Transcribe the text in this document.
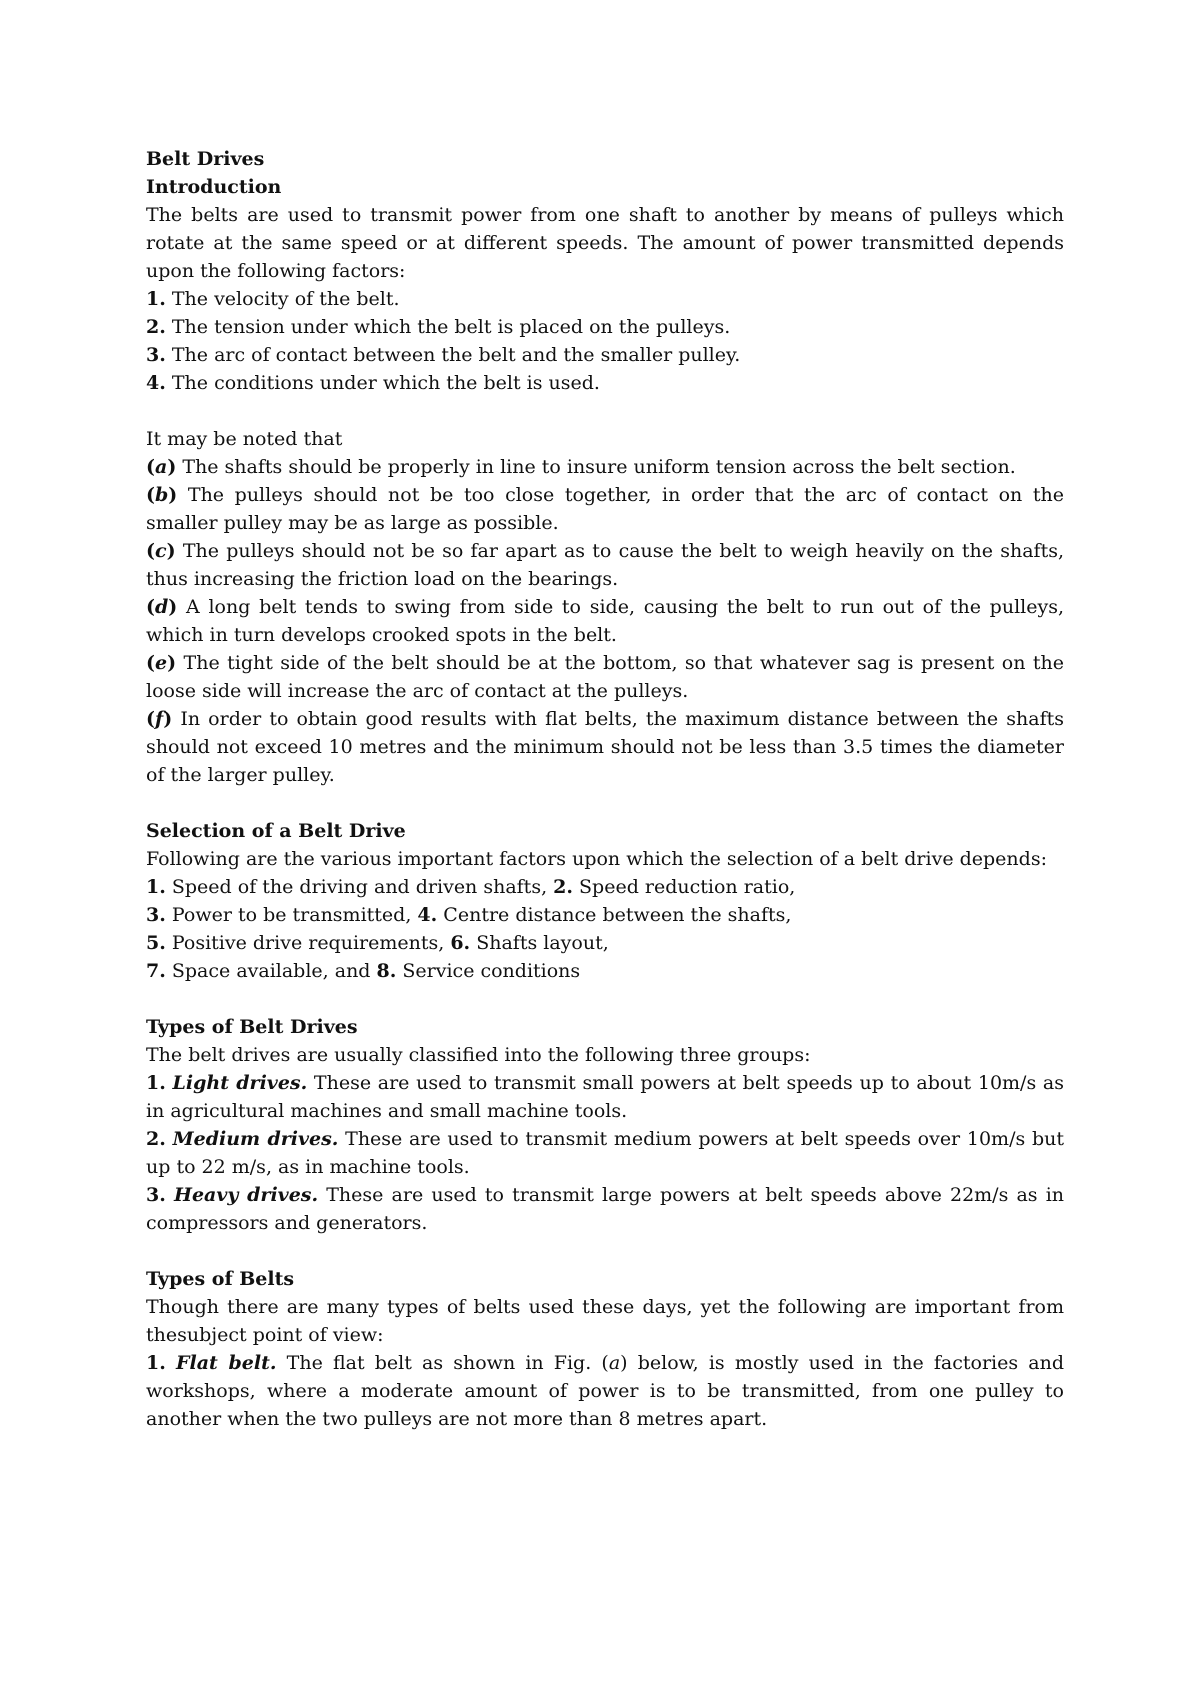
Belt Drives

Introduction

The belts are used to transmit power from one shaft to another by means of pulleys which rotate at the same speed or at different speeds. The amount of power transmitted depends upon the following factors:

1. The velocity of the belt.

2. The tension under which the belt is placed on the pulleys.

3. The arc of contact between the belt and the smaller pulley.

4. The conditions under which the belt is used.

It may be noted that

(a) The shafts should be properly in line to insure uniform tension across the belt section.

(b) The pulleys should not be too close together, in order that the arc of contact on the smaller pulley may be as large as possible.

(c) The pulleys should not be so far apart as to cause the belt to weigh heavily on the shafts, thus increasing the friction load on the bearings.

(d) A long belt tends to swing from side to side, causing the belt to run out of the pulleys, which in turn develops crooked spots in the belt.

(e) The tight side of the belt should be at the bottom, so that whatever sag is present on the loose side will increase the arc of contact at the pulleys.

(f) In order to obtain good results with flat belts, the maximum distance between the shafts should not exceed 10 metres and the minimum should not be less than 3.5 times the diameter of the larger pulley.

Selection of a Belt Drive

Following are the various important factors upon which the selection of a belt drive depends:

1. Speed of the driving and driven shafts, 2. Speed reduction ratio,

3. Power to be transmitted, 4. Centre distance between the shafts,

5. Positive drive requirements, 6. Shafts layout,

7. Space available, and 8. Service conditions

Types of Belt Drives

The belt drives are usually classified into the following three groups:

1. Light drives. These are used to transmit small powers at belt speeds up to about 10m/s as in agricultural machines and small machine tools.

2. Medium drives. These are used to transmit medium powers at belt speeds over 10m/s but up to 22 m/s, as in machine tools.

3. Heavy drives. These are used to transmit large powers at belt speeds above 22m/s as in compressors and generators.

Types of Belts

Though there are many types of belts used these days, yet the following are important from thesubject point of view:

1. Flat belt. The flat belt as shown in Fig. (a) below, is mostly used in the factories and workshops, where a moderate amount of power is to be transmitted, from one pulley to another when the two pulleys are not more than 8 metres apart.
